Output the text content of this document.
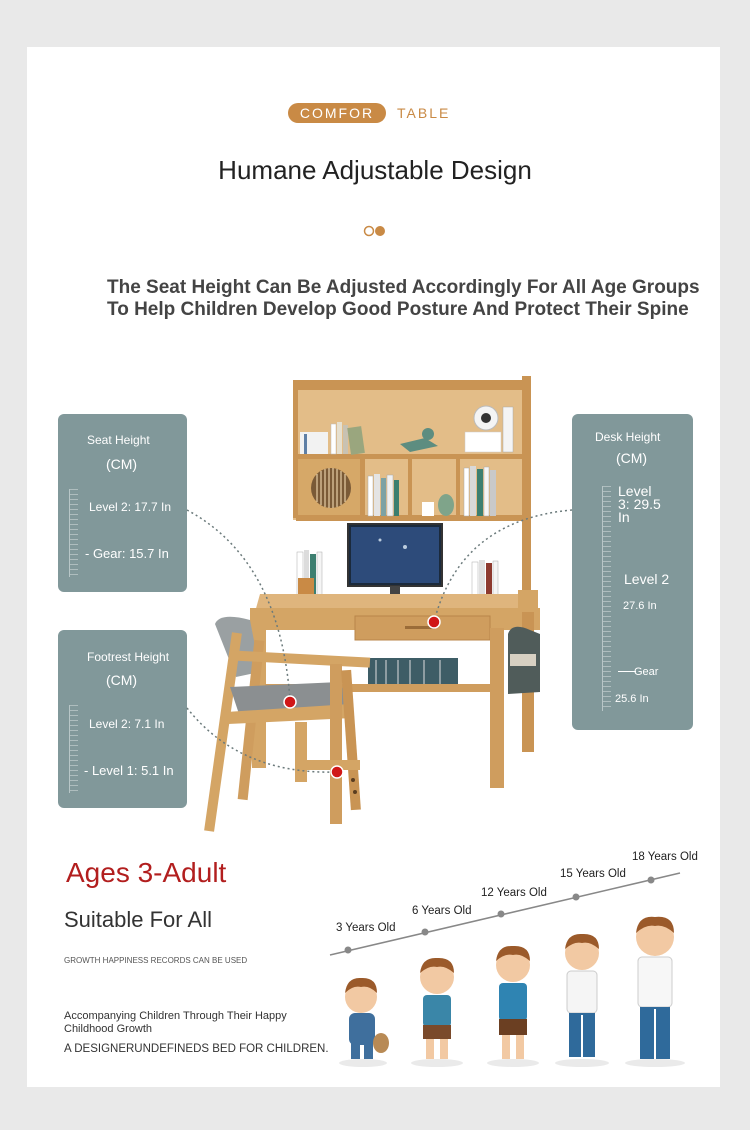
COMFOR	TABLE
Humane Adjustable Design
The Seat Height Can Be Adjusted Accordingly For All Age Groups
To Help Children Develop Good Posture And Protect Their Spine
Seat Height
(CM)
Level 2: 17.7 In
- Gear: 15.7 In
Footrest Height
(CM)
Level 2: 7.1 In
- Level 1: 5.1 In
Desk Height
(CM)
Level 3: 29.5 In
Level 2
27.6 In
Gear
25.6 In
Ages 3-Adult
Suitable For All
GROWTH HAPPINESS RECORDS CAN BE USED
Accompanying Children Through Their Happy Childhood Growth
A DESIGNERUNDEFINEDS BED FOR CHILDREN.
3 Years Old
6 Years Old
12 Years Old
15 Years Old
18 Years Old
